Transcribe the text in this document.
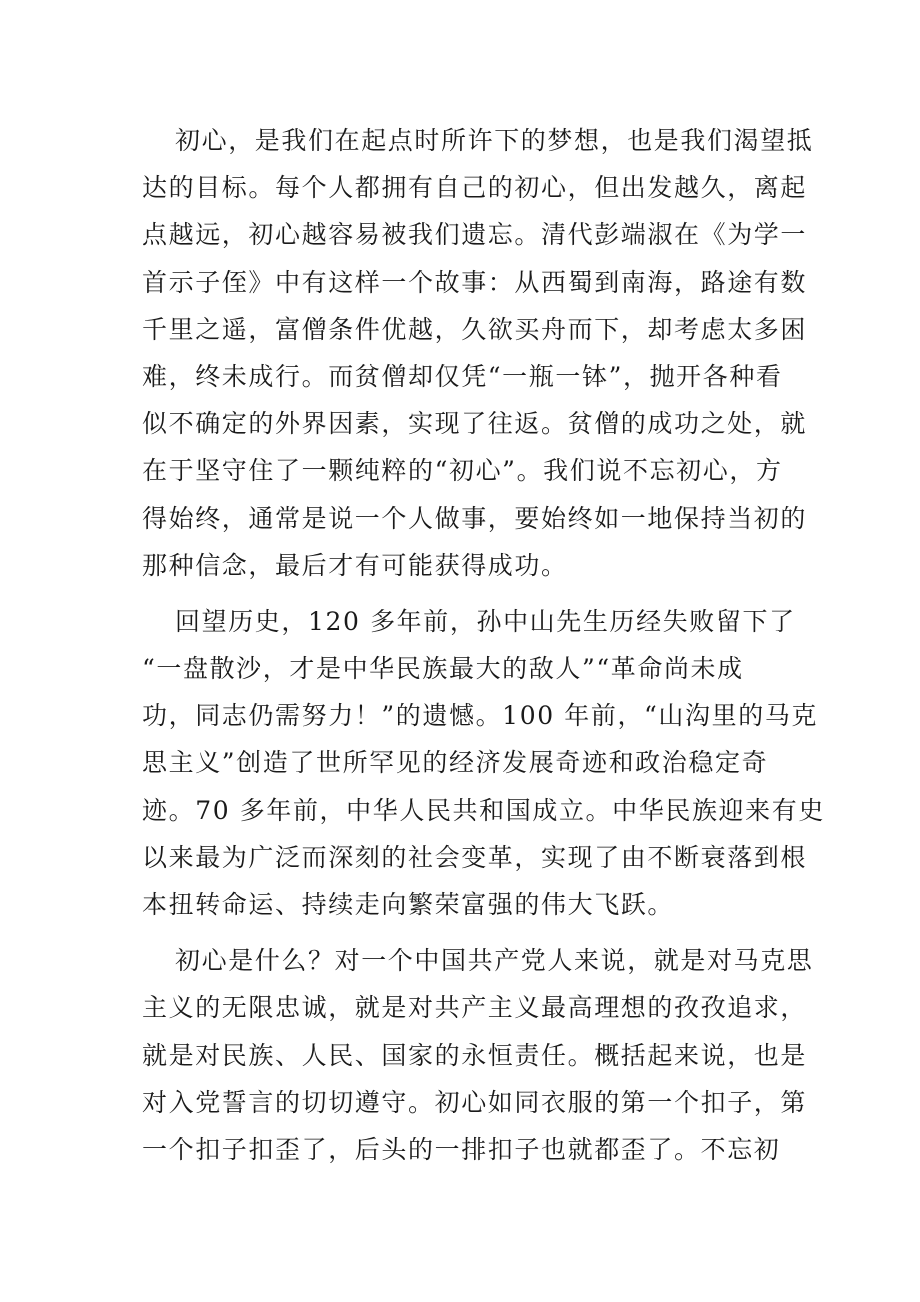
初心，是我们在起点时所许下的梦想，也是我们渴望抵
达的目标。每个人都拥有自己的初心，但出发越久，离起
点越远，初心越容易被我们遗忘。清代彭端淑在《为学一
首示子侄》中有这样一个故事：从西蜀到南海，路途有数
千里之遥，富僧条件优越，久欲买舟而下，却考虑太多困
难，终未成行。而贫僧却仅凭“一瓶一钵”，抛开各种看
似不确定的外界因素，实现了往返。贫僧的成功之处，就
在于坚守住了一颗纯粹的“初心”。我们说不忘初心，方
得始终，通常是说一个人做事，要始终如一地保持当初的
那种信念，最后才有可能获得成功。
回望历史，120 多年前，孙中山先生历经失败留下了
“一盘散沙，才是中华民族最大的敌人”“革命尚未成
功，同志仍需努力！”的遗憾。100 年前，“山沟里的马克
思主义”创造了世所罕见的经济发展奇迹和政治稳定奇
迹。70 多年前，中华人民共和国成立。中华民族迎来有史
以来最为广泛而深刻的社会变革，实现了由不断衰落到根
本扭转命运、持续走向繁荣富强的伟大飞跃。
初心是什么？对一个中国共产党人来说，就是对马克思
主义的无限忠诚，就是对共产主义最高理想的孜孜追求，
就是对民族、人民、国家的永恒责任。概括起来说，也是
对入党誓言的切切遵守。初心如同衣服的第一个扣子，第
一个扣子扣歪了，后头的一排扣子也就都歪了。不忘初
